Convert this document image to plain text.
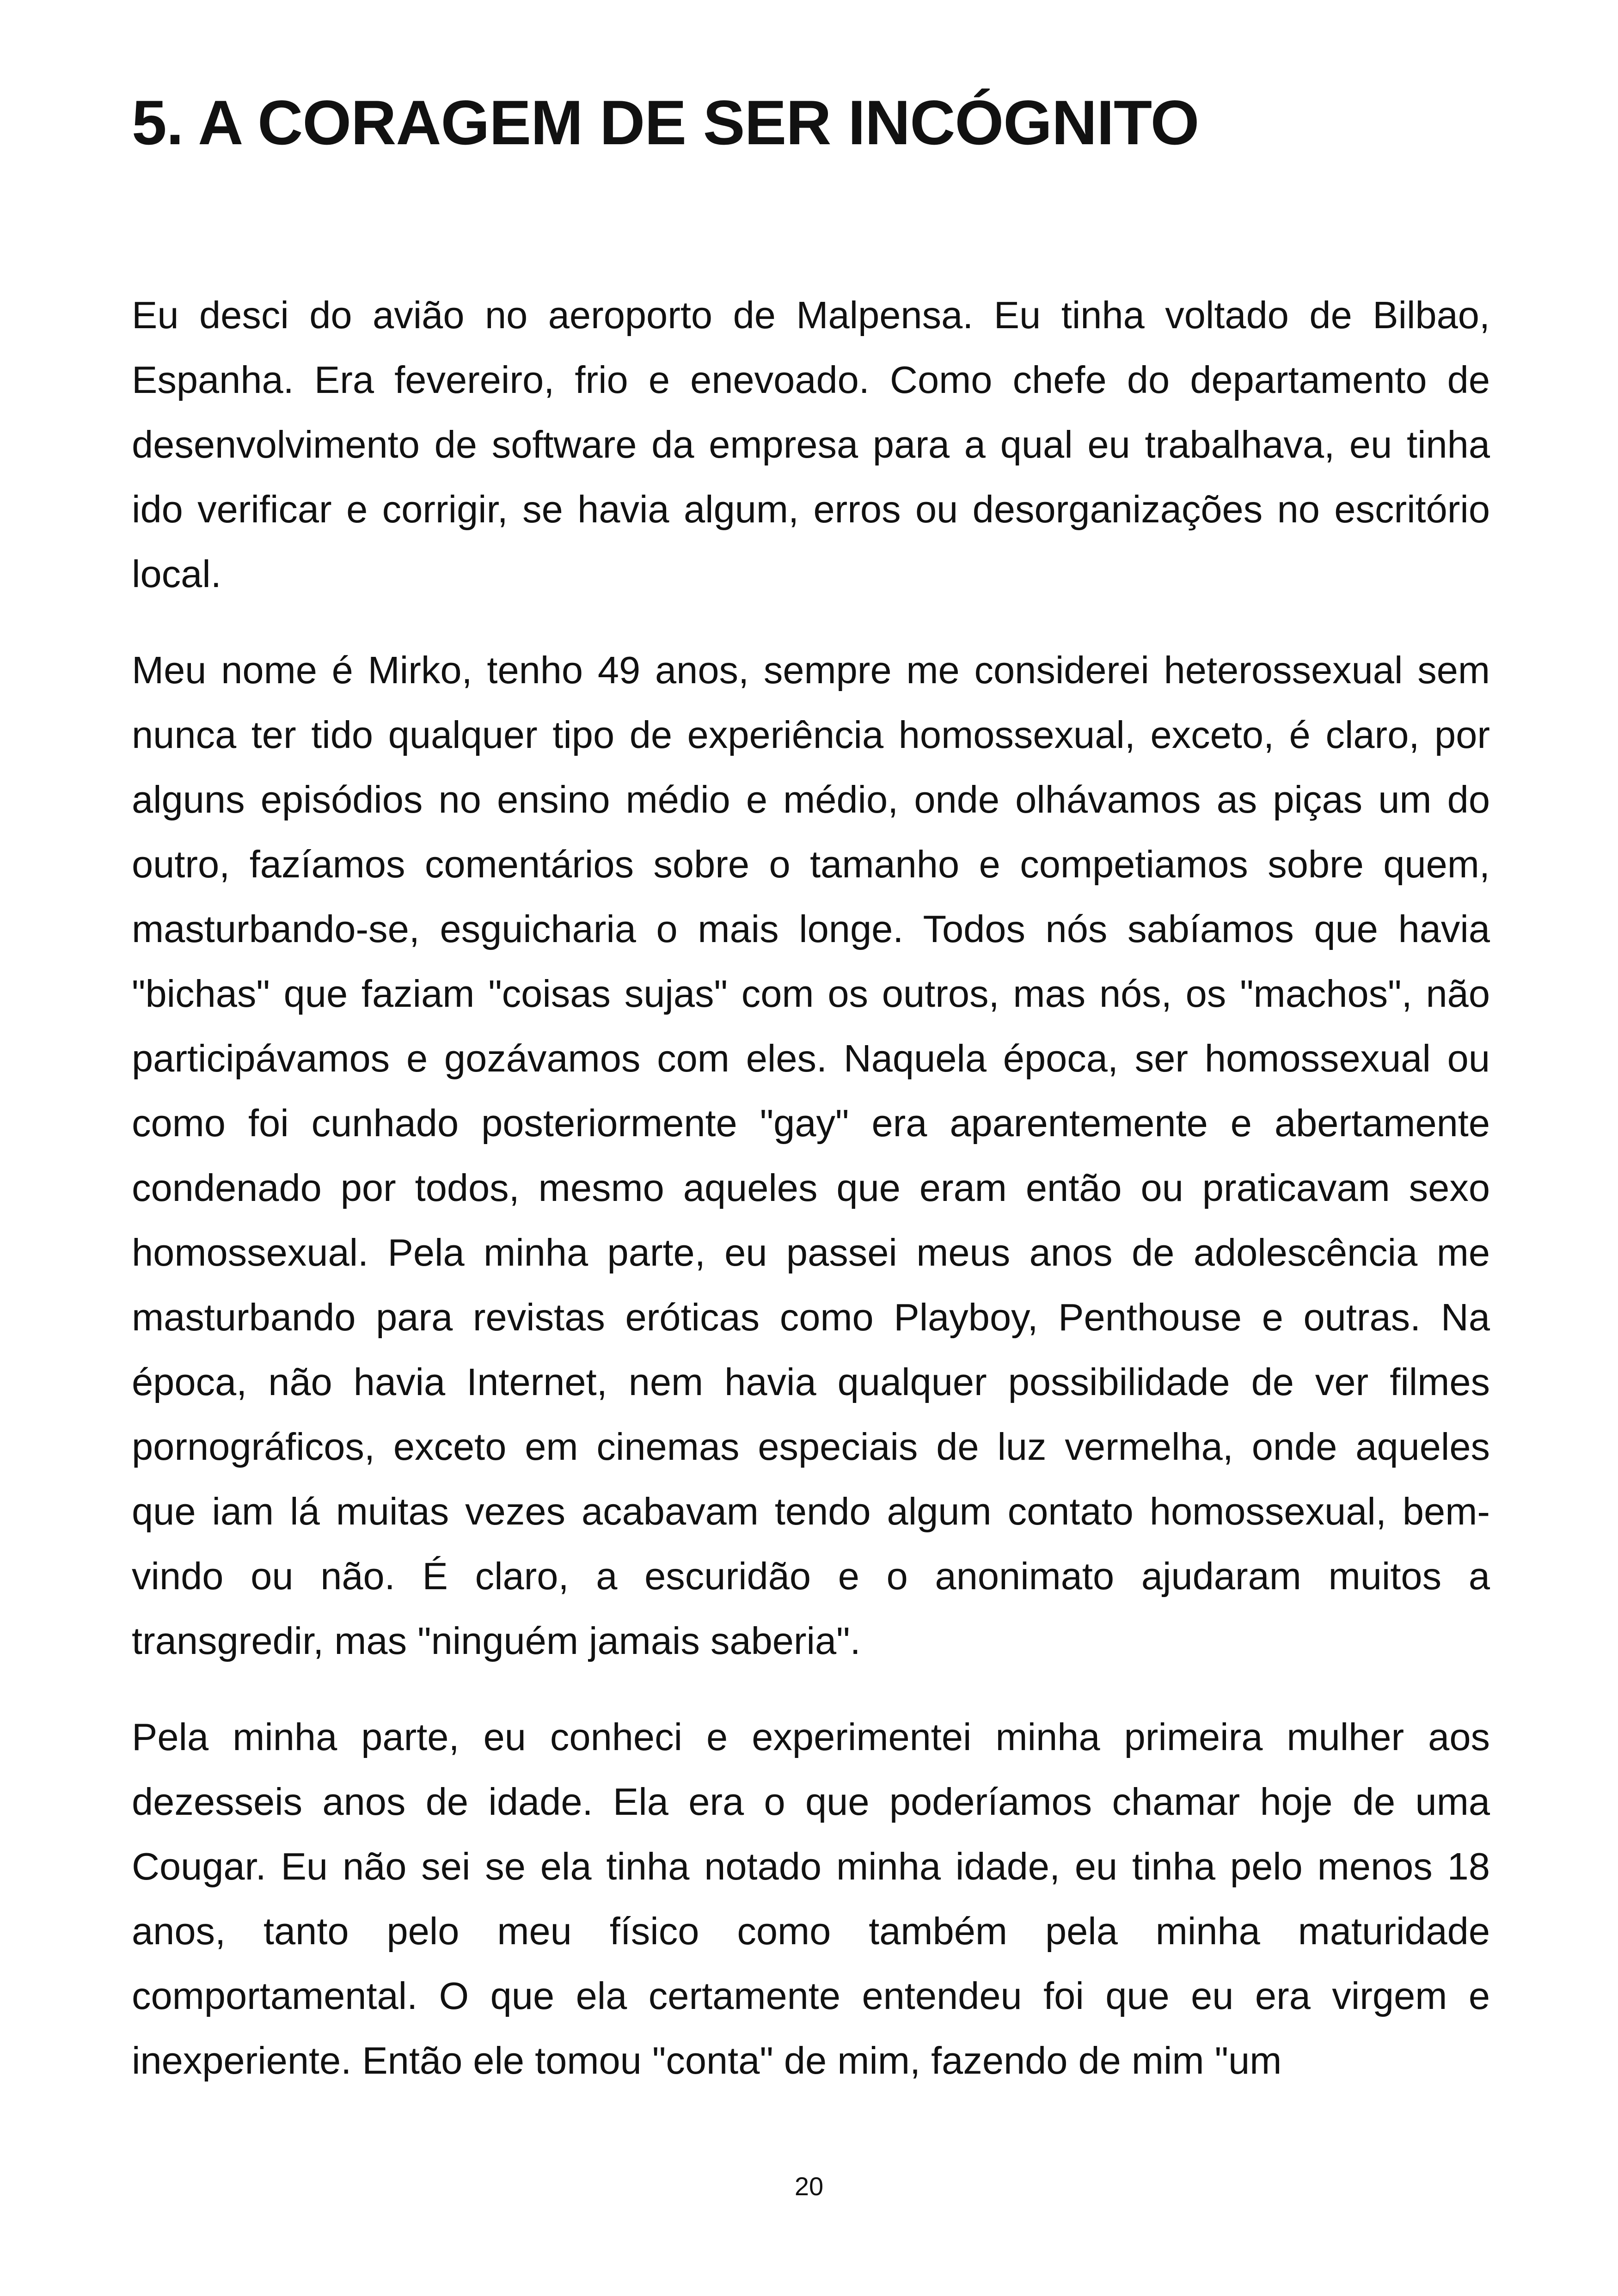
5. A CORAGEM DE SER INCÓGNITO

Eu desci do avião no aeroporto de Malpensa. Eu tinha voltado de Bilbao, Espanha. Era fevereiro, frio e enevoado. Como chefe do departamento de desenvolvimento de software da empresa para a qual eu trabalhava, eu tinha ido verificar e corrigir, se havia algum, erros ou desorganizações no escritório local.

Meu nome é Mirko, tenho 49 anos, sempre me considerei heterossexual sem nunca ter tido qualquer tipo de experiência homossexual, exceto, é claro, por alguns episódios no ensino médio e médio, onde olhávamos as piças um do outro, fazíamos comentários sobre o tamanho e competiamos sobre quem, masturbando-se, esguicharia o mais longe. Todos nós sabíamos que havia "bichas" que faziam "coisas sujas" com os outros, mas nós, os "machos", não participávamos e gozávamos com eles. Naquela época, ser homossexual ou como foi cunhado posteriormente "gay" era aparentemente e abertamente condenado por todos, mesmo aqueles que eram então ou praticavam sexo homossexual. Pela minha parte, eu passei meus anos de adolescência me masturbando para revistas eróticas como Playboy, Penthouse e outras. Na época, não havia Internet, nem havia qualquer possibilidade de ver filmes pornográficos, exceto em cinemas especiais de luz vermelha, onde aqueles que iam lá muitas vezes acabavam tendo algum contato homossexual, bem-vindo ou não. É claro, a escuridão e o anonimato ajudaram muitos a transgredir, mas "ninguém jamais saberia".

Pela minha parte, eu conheci e experimentei minha primeira mulher aos dezesseis anos de idade. Ela era o que poderíamos chamar hoje de uma Cougar. Eu não sei se ela tinha notado minha idade, eu tinha pelo menos 18 anos, tanto pelo meu físico como também pela minha maturidade comportamental. O que ela certamente entendeu foi que eu era virgem e inexperiente. Então ele tomou "conta" de mim, fazendo de mim "um

20
